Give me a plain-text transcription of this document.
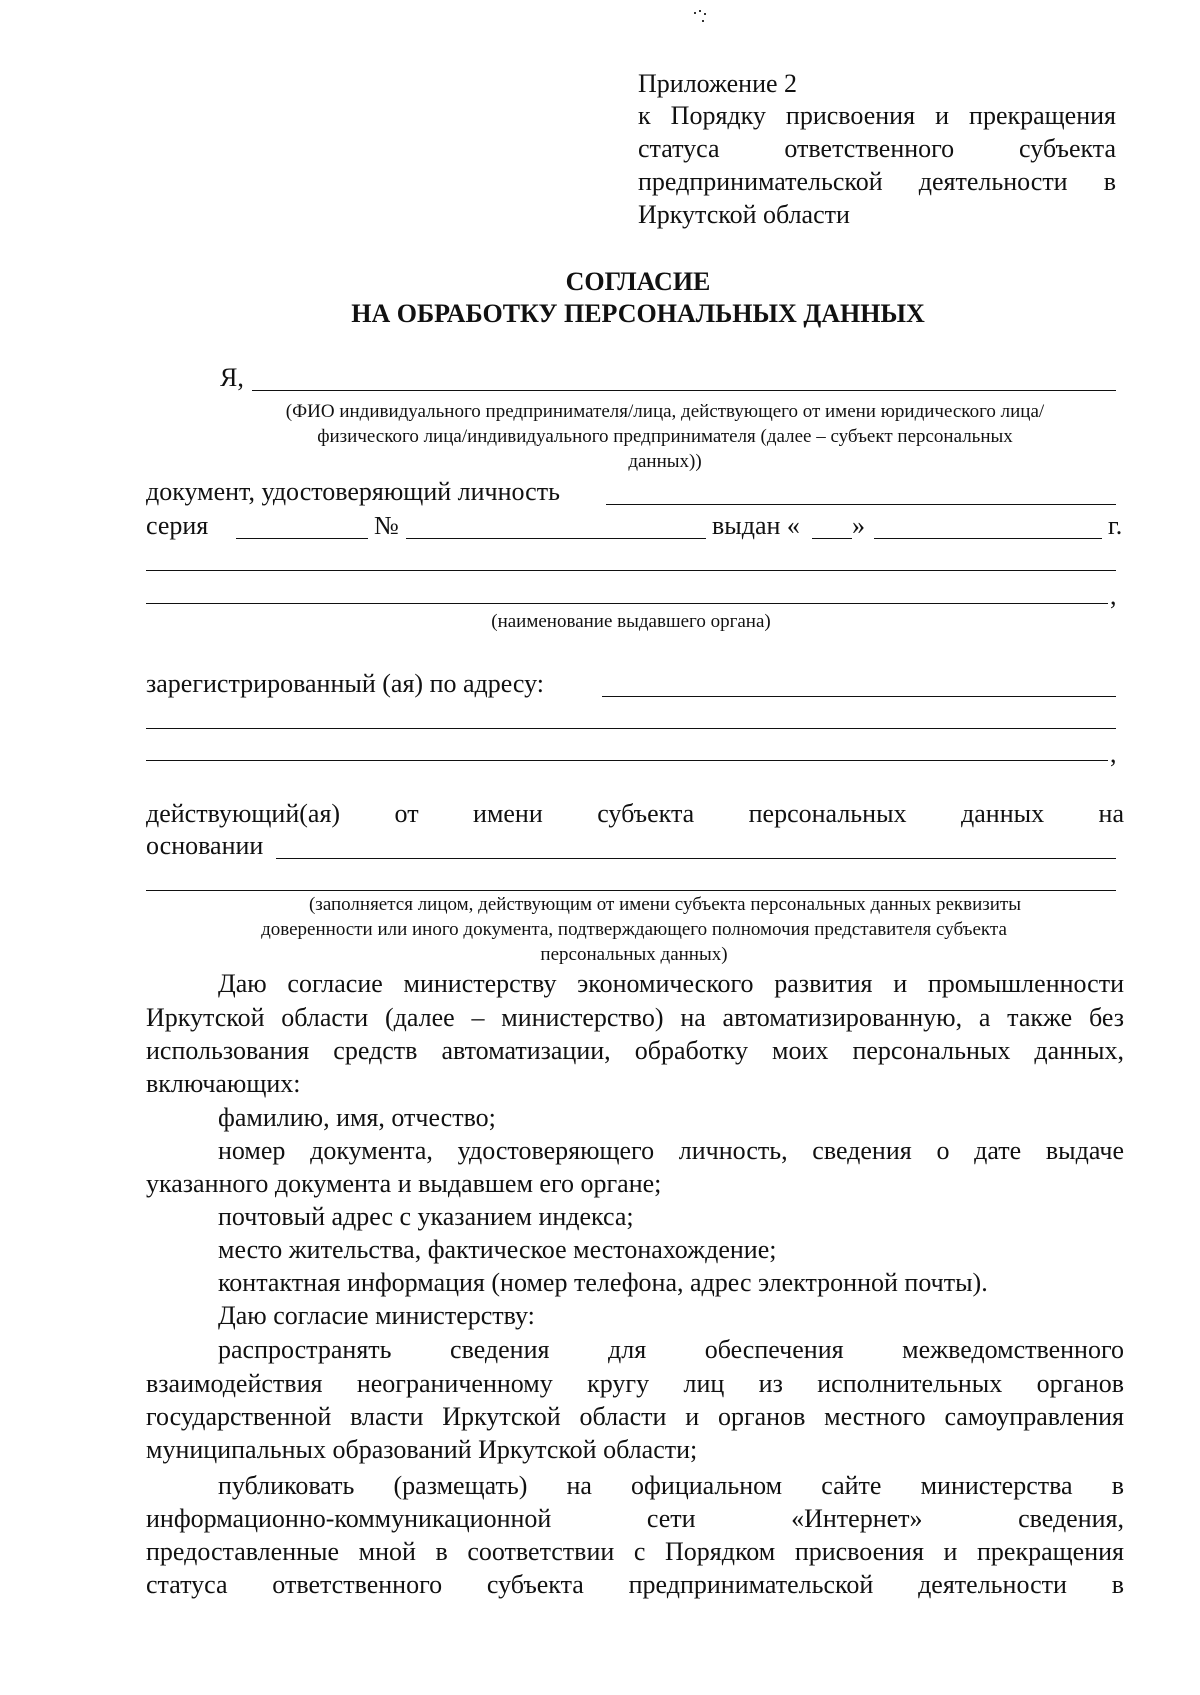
Приложение 2
к Порядку присвоения и прекращения
статуса ответственного субъекта
предпринимательской деятельности в
Иркутской области
СОГЛАСИЕ
НА ОБРАБОТКУ ПЕРСОНАЛЬНЫХ ДАННЫХ
Я,
(ФИО индивидуального предпринимателя/лица, действующего от имени юридического лица/
физического лица/индивидуального предпринимателя (далее – субъект персональных
данных))
документ, удостоверяющий личность
серия	№	выдан « »	г.
,
(наименование выдавшего органа)
зарегистрированный (ая) по адресу:
,
действующий(ая) от имени субъекта персональных данных на
основании
(заполняется лицом, действующим от имени субъекта персональных данных реквизиты
доверенности или иного документа, подтверждающего полномочия представителя субъекта
персональных данных)
Даю согласие министерству экономического развития и промышленности
Иркутской области (далее – министерство) на автоматизированную, а также без
использования средств автоматизации, обработку моих персональных данных,
включающих:
фамилию, имя, отчество;
номер документа, удостоверяющего личность, сведения о дате выдаче
указанного документа и выдавшем его органе;
почтовый адрес с указанием индекса;
место жительства, фактическое местонахождение;
контактная информация (номер телефона, адрес электронной почты).
Даю согласие министерству:
распространять сведения для обеспечения межведомственного
взаимодействия неограниченному кругу лиц из исполнительных органов
государственной власти Иркутской области и органов местного самоуправления
муниципальных образований Иркутской области;
публиковать (размещать) на официальном сайте министерства в
информационно-коммуникационной сети «Интернет» сведения,
предоставленные мной в соответствии с Порядком присвоения и прекращения
статуса ответственного субъекта предпринимательской деятельности в
